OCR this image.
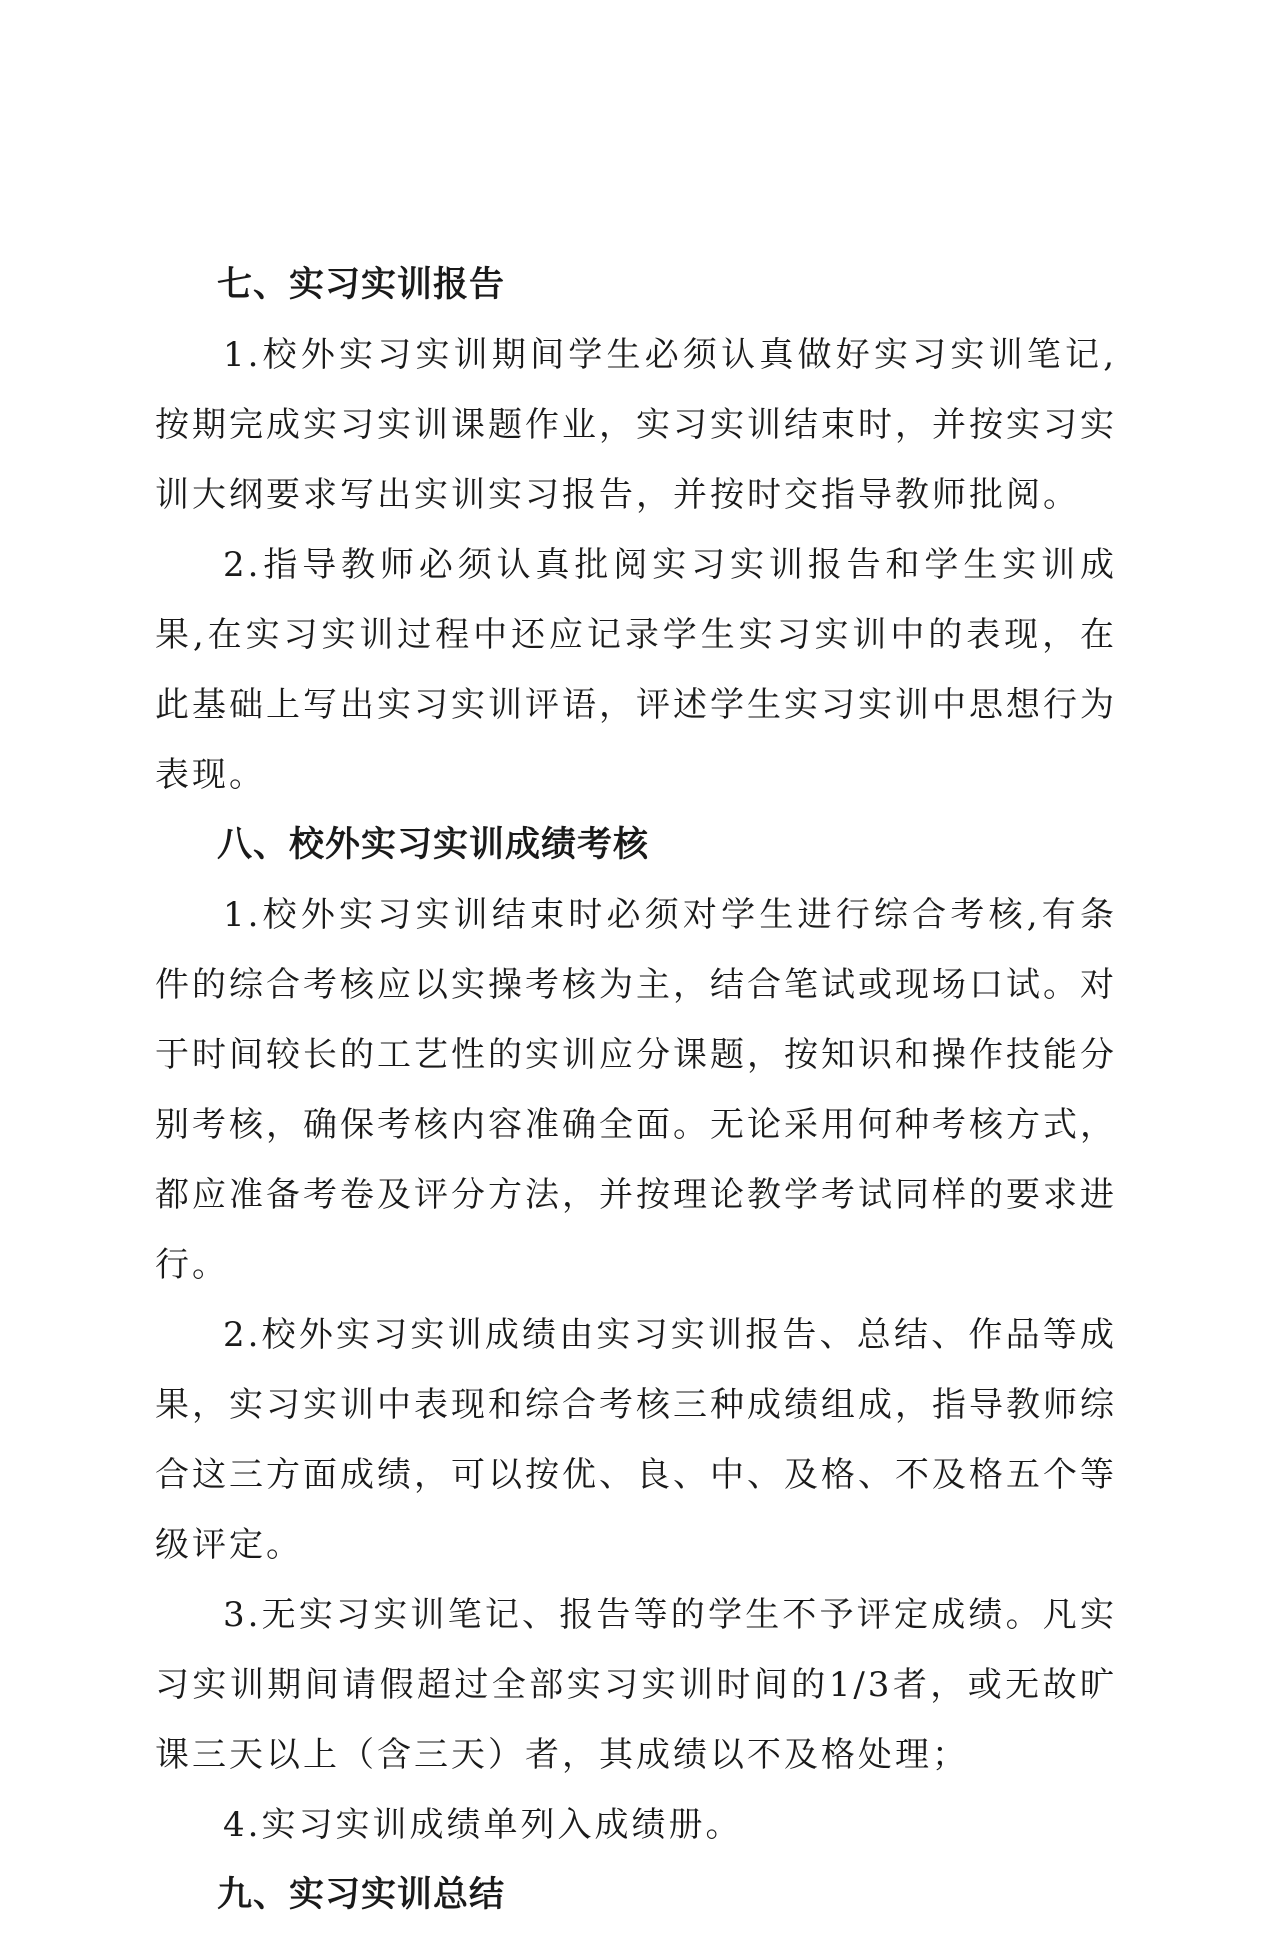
七、实习实训报告

1.校外实习实训期间学生必须认真做好实习实训笔记,按期完成实习实训课题作业，实习实训结束时，并按实习实训大纲要求写出实训实习报告，并按时交指导教师批阅。

2.指导教师必须认真批阅实习实训报告和学生实训成果,在实习实训过程中还应记录学生实习实训中的表现，在此基础上写出实习实训评语，评述学生实习实训中思想行为表现。

八、校外实习实训成绩考核

1.校外实习实训结束时必须对学生进行综合考核,有条件的综合考核应以实操考核为主，结合笔试或现场口试。对于时间较长的工艺性的实训应分课题，按知识和操作技能分别考核，确保考核内容准确全面。无论采用何种考核方式，都应准备考卷及评分方法，并按理论教学考试同样的要求进行。

2.校外实习实训成绩由实习实训报告、总结、作品等成果，实习实训中表现和综合考核三种成绩组成，指导教师综合这三方面成绩，可以按优、良、中、及格、不及格五个等级评定。

3.无实习实训笔记、报告等的学生不予评定成绩。凡实习实训期间请假超过全部实习实训时间的1/3者，或无故旷课三天以上（含三天）者，其成绩以不及格处理；

4.实习实训成绩单列入成绩册。

九、实习实训总结
